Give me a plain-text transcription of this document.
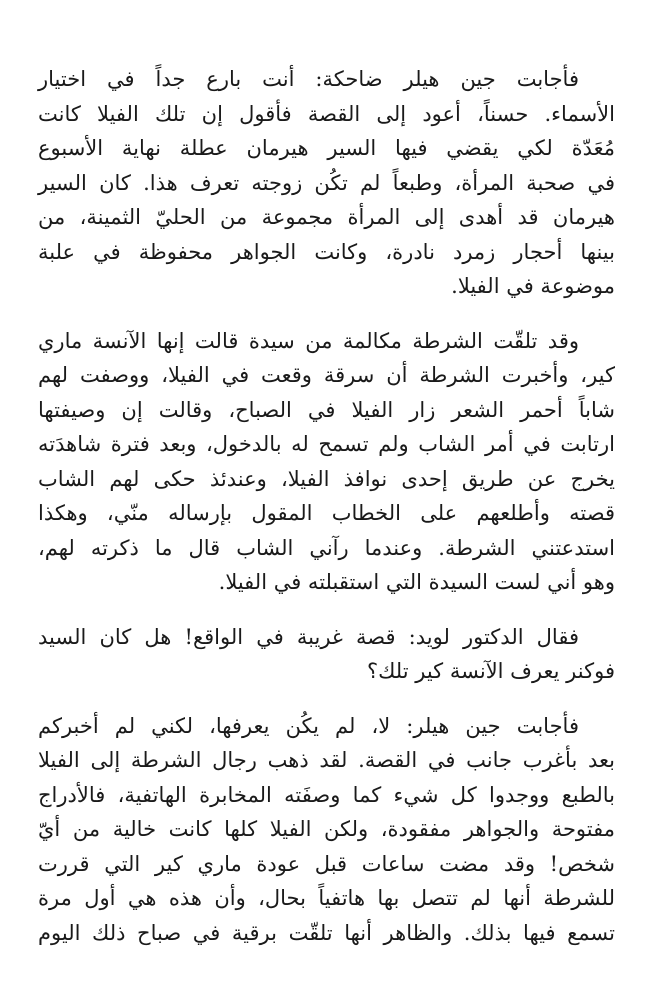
فأجابت جين هيلر ضاحكة: أنت بارع جداً في اختيار
الأسماء. حسناً، أعود إلى القصة فأقول إن تلك الفيلا كانت
مُعَدّة لكي يقضي فيها السير هيرمان عطلة نهاية الأسبوع
في صحبة المرأة، وطبعاً لم تكُن زوجته تعرف هذا. كان السير
هيرمان قد أهدى إلى المرأة مجموعة من الحليّ الثمينة، من
بينها أحجار زمرد نادرة، وكانت الجواهر محفوظة في علبة
موضوعة في الفيلا.
وقد تلقّت الشرطة مكالمة من سيدة قالت إنها الآنسة ماري
كير، وأخبرت الشرطة أن سرقة وقعت في الفيلا، ووصفت لهم
شاباً أحمر الشعر زار الفيلا في الصباح، وقالت إن وصيفتها
ارتابت في أمر الشاب ولم تسمح له بالدخول، وبعد فترة شاهدَته
يخرج عن طريق إحدى نوافذ الفيلا، وعندئذ حكى لهم الشاب
قصته وأطلعهم على الخطاب المقول بإرساله منّي، وهكذا
استدعتني الشرطة. وعندما رآني الشاب قال ما ذكرته لهم،
وهو أني لست السيدة التي استقبلته في الفيلا.
فقال الدكتور لويد: قصة غريبة في الواقع! هل كان السيد
فوكنر يعرف الآنسة كير تلك؟
فأجابت جين هيلر: لا، لم يكُن يعرفها، لكني لم أخبركم
بعد بأغرب جانب في القصة. لقد ذهب رجال الشرطة إلى الفيلا
بالطبع ووجدوا كل شيء كما وصفَته المخابرة الهاتفية، فالأدراج
مفتوحة والجواهر مفقودة، ولكن الفيلا كلها كانت خالية من أيّ
شخص! وقد مضت ساعات قبل عودة ماري كير التي قررت
للشرطة أنها لم تتصل بها هاتفياً بحال، وأن هذه هي أول مرة
تسمع فيها بذلك. والظاهر أنها تلقّت برقية في صباح ذلك اليوم
